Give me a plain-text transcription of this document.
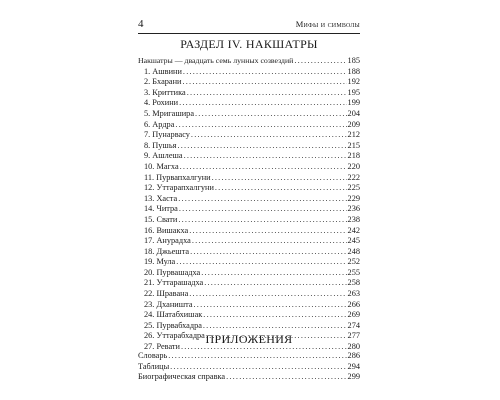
4	Мифы и символы
РАЗДЕЛ IV. НАКШАТРЫ
Накшатры — двадцать семь лунных созвездий .....	185
1. Ашвини .....	188
2. Бхарани .....	192
3. Криттика .....	195
4. Рохини .....	199
5. Мригашира .....	204
6. Ардра .....	209
7. Пунарвасу .....	212
8. Пушья .....	215
9. Ашлеша .....	218
10. Магха .....	220
11. Пурвапхалгуни .....	222
12. Уттарапхалгуни .....	225
13. Хаста .....	229
14. Читра .....	236
15. Свати .....	238
16. Вишакха .....	242
17. Анурадха .....	245
18. Джьешта .....	248
19. Мула .....	252
20. Пурвашадха .....	255
21. Уттарашадха .....	258
22. Шравана .....	263
23. Дханишта .....	266
24. Шатабхишак .....	269
25. Пурвабхадра .....	274
26. Уттарабхадра .....	277
27. Ревати .....	280
ПРИЛОЖЕНИЯ
Словарь .....	286
Таблицы .....	294
Биографическая справка .....	299
